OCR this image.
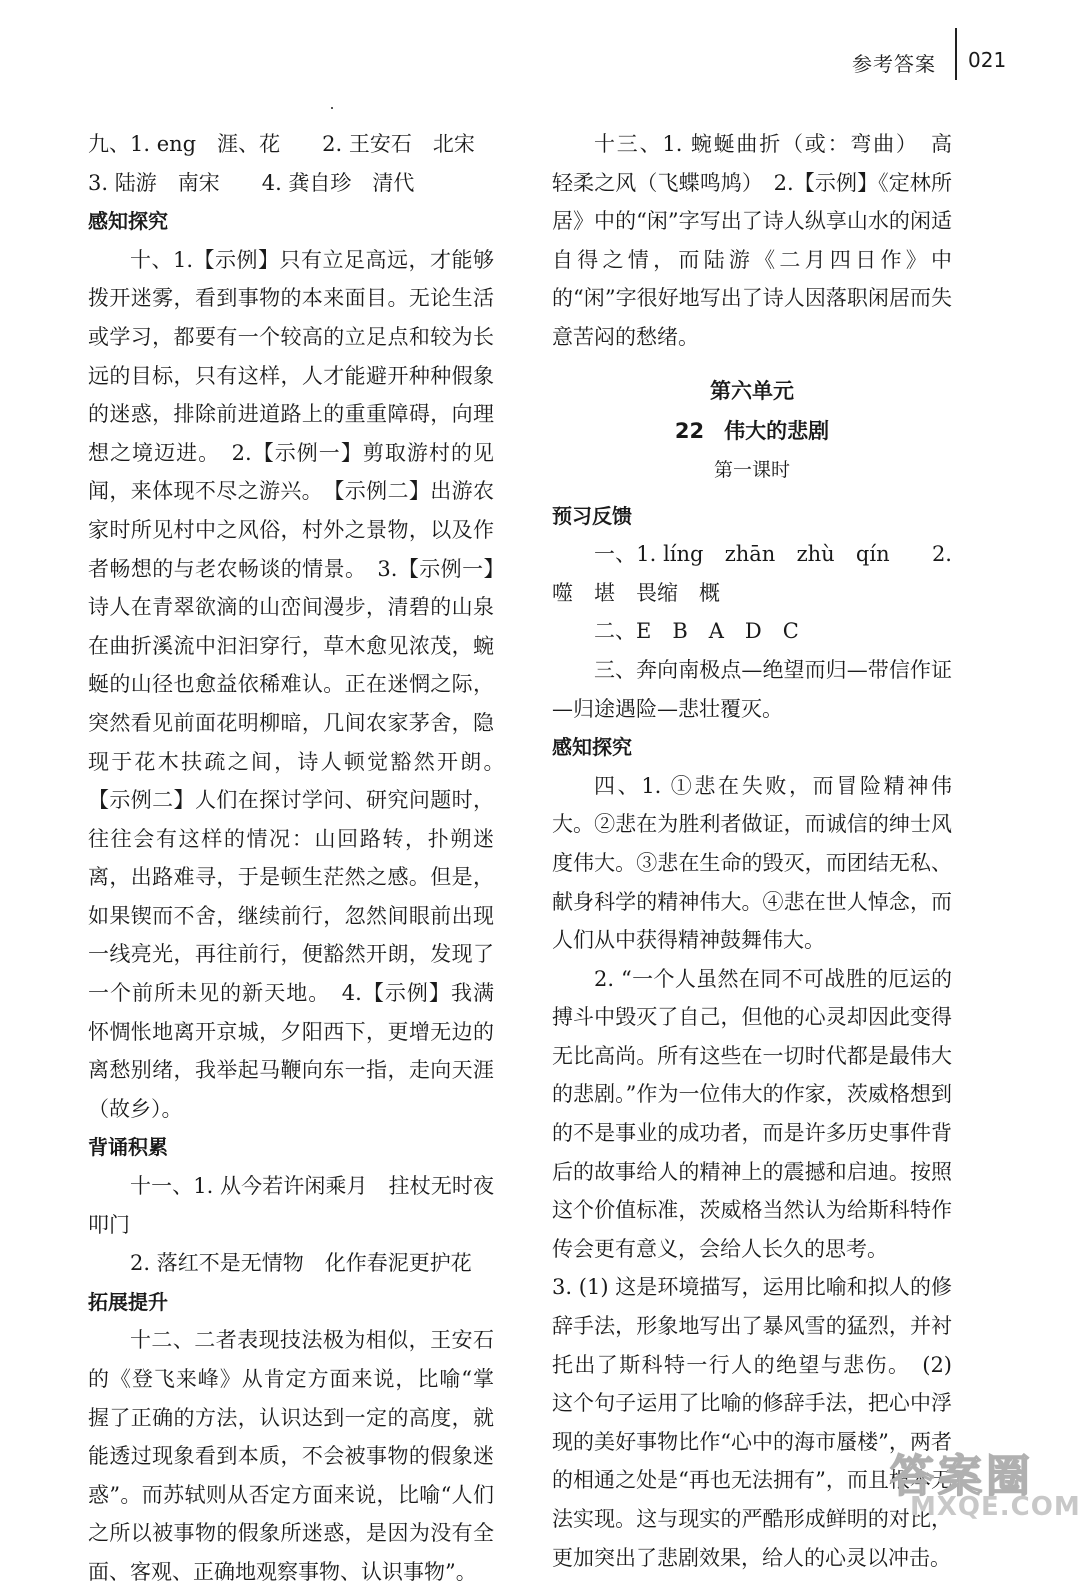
参考答案 021

九、1. eng　涯、花　　2. 王安石　北宋

3. 陆游　南宋　　4. 龚自珍　清代

感知探究

十、1.【示例】只有立足高远，才能够拨开迷雾，看到事物的本来面目。无论生活或学习，都要有一个较高的立足点和较为长远的目标，只有这样，人才能避开种种假象的迷惑，排除前进道路上的重重障碍，向理想之境迈进。　2.【示例一】剪取游村的见闻，来体现不尽之游兴。　【示例二】出游农家时所见村中之风俗，村外之景物，以及作者畅想的与老农畅谈的情景。　3.【示例一】诗人在青翠欲滴的山峦间漫步，清碧的山泉在曲折溪流中汩汩穿行，草木愈见浓茂，蜿蜒的山径也愈益依稀难认。正在迷惘之际，突然看见前面花明柳暗，几间农家茅舍，隐现于花木扶疏之间，诗人顿觉豁然开朗。　【示例二】人们在探讨学问、研究问题时，往往会有这样的情况：山回路转，扑朔迷离，出路难寻，于是顿生茫然之感。但是，如果锲而不舍，继续前行，忽然间眼前出现一线亮光，再往前行，便豁然开朗，发现了一个前所未见的新天地。　4.【示例】我满怀惆怅地离开京城，夕阳西下，更增无边的离愁别绪，我举起马鞭向东一指，走向天涯（故乡）。

背诵积累

十一、1. 从今若许闲乘月　拄杖无时夜叩门

2. 落红不是无情物　化作春泥更护花

拓展提升

十二、二者表现技法极为相似，王安石的《登飞来峰》从肯定方面来说，比喻“掌握了正确的方法，认识达到一定的高度，就能透过现象看到本质，不会被事物的假象迷惑”。而苏轼则从否定方面来说，比喻“人们之所以被事物的假象所迷惑，是因为没有全面、客观、正确地观察事物、认识事物”。

十三、1. 蜿蜒曲折（或：弯曲）　高　轻柔之风（飞蝶鸣鸠）　2.【示例】《定林所居》中的“闲”字写出了诗人纵享山水的闲适自得之情，而陆游《二月四日作》中的“闲”字很好地写出了诗人因落职闲居而失意苦闷的愁绪。

第六单元
22 伟大的悲剧
第一课时
预习反馈

一、1. líng　zhān　zhù　qín　　2. 噬　堪　畏缩　概

二、E　B　A　D　C

三、奔向南极点—绝望而归—带信作证—归途遇险—悲壮覆灭。

感知探究

四、1. ①悲在失败，而冒险精神伟大。②悲在为胜利者做证，而诚信的绅士风度伟大。③悲在生命的毁灭，而团结无私、献身科学的精神伟大。④悲在世人悼念，而人们从中获得精神鼓舞伟大。

2. “一个人虽然在同不可战胜的厄运的搏斗中毁灭了自己，但他的心灵却因此变得无比高尚。所有这些在一切时代都是最伟大的悲剧。”作为一位伟大的作家，茨威格想到的不是事业的成功者，而是许多历史事件背后的故事给人的精神上的震撼和启迪。按照这个价值标准，茨威格当然认为给斯科特作传会更有意义，会给人长久的思考。

3. (1) 这是环境描写，运用比喻和拟人的修辞手法，形象地写出了暴风雪的猛烈，并衬托出了斯科特一行人的绝望与悲伤。　(2) 这个句子运用了比喻的修辞手法，把心中浮现的美好事物比作“心中的海市蜃楼”，两者的相通之处是“再也无法拥有”，而且根本无法实现。这与现实的严酷形成鲜明的对比，更加突出了悲剧效果，给人的心灵以冲击。

答案圈
MXQE.COM
